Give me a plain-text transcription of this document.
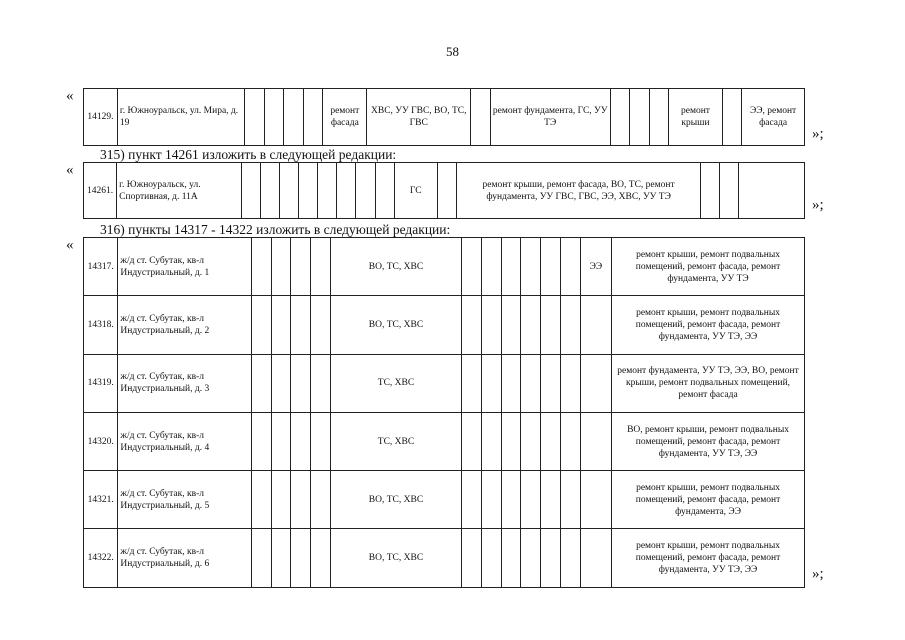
58
«
14129.	г. Южноуральск, ул. Мира, д. 19					ремонт фасада	ХВС, УУ ГВС, ВО, ТС, ГВС		ремонт фундамента, ГС, УУ ТЭ				ремонт крыши		ЭЭ, ремонт фасада
»;
315) пункт 14261 изложить в следующей редакции:
«
14261.	г. Южноуральск, ул. Спортивная, д. 11А									ГС		ремонт крыши, ремонт фасада, ВО, ТС, ремонт фундамента, УУ ГВС, ГВС, ЭЭ, ХВС, УУ ТЭ			
»;
316) пункты 14317 - 14322 изложить в следующей редакции:
«
14317.	ж/д ст. Субутак, кв-л Индустриальный, д. 1					ВО, ТС, ХВС							ЭЭ	ремонт крыши, ремонт подвальных помещений, ремонт фасада, ремонт фундамента, УУ ТЭ
14318.	ж/д ст. Субутак, кв-л Индустриальный, д. 2					ВО, ТС, ХВС								ремонт крыши, ремонт подвальных помещений, ремонт фасада, ремонт фундамента, УУ ТЭ, ЭЭ
14319.	ж/д ст. Субутак, кв-л Индустриальный, д. 3					ТС, ХВС								ремонт фундамента, УУ ТЭ, ЭЭ, ВО, ремонт крыши, ремонт подвальных помещений, ремонт фасада
14320.	ж/д ст. Субутак, кв-л Индустриальный, д. 4					ТС, ХВС								ВО, ремонт крыши, ремонт подвальных помещений, ремонт фасада, ремонт фундамента, УУ ТЭ, ЭЭ
14321.	ж/д ст. Субутак, кв-л Индустриальный, д. 5					ВО, ТС, ХВС								ремонт крыши, ремонт подвальных помещений, ремонт фасада, ремонт фундамента, ЭЭ
14322.	ж/д ст. Субутак, кв-л Индустриальный, д. 6					ВО, ТС, ХВС								ремонт крыши, ремонт подвальных помещений, ремонт фасада, ремонт фундамента, УУ ТЭ, ЭЭ	»;
